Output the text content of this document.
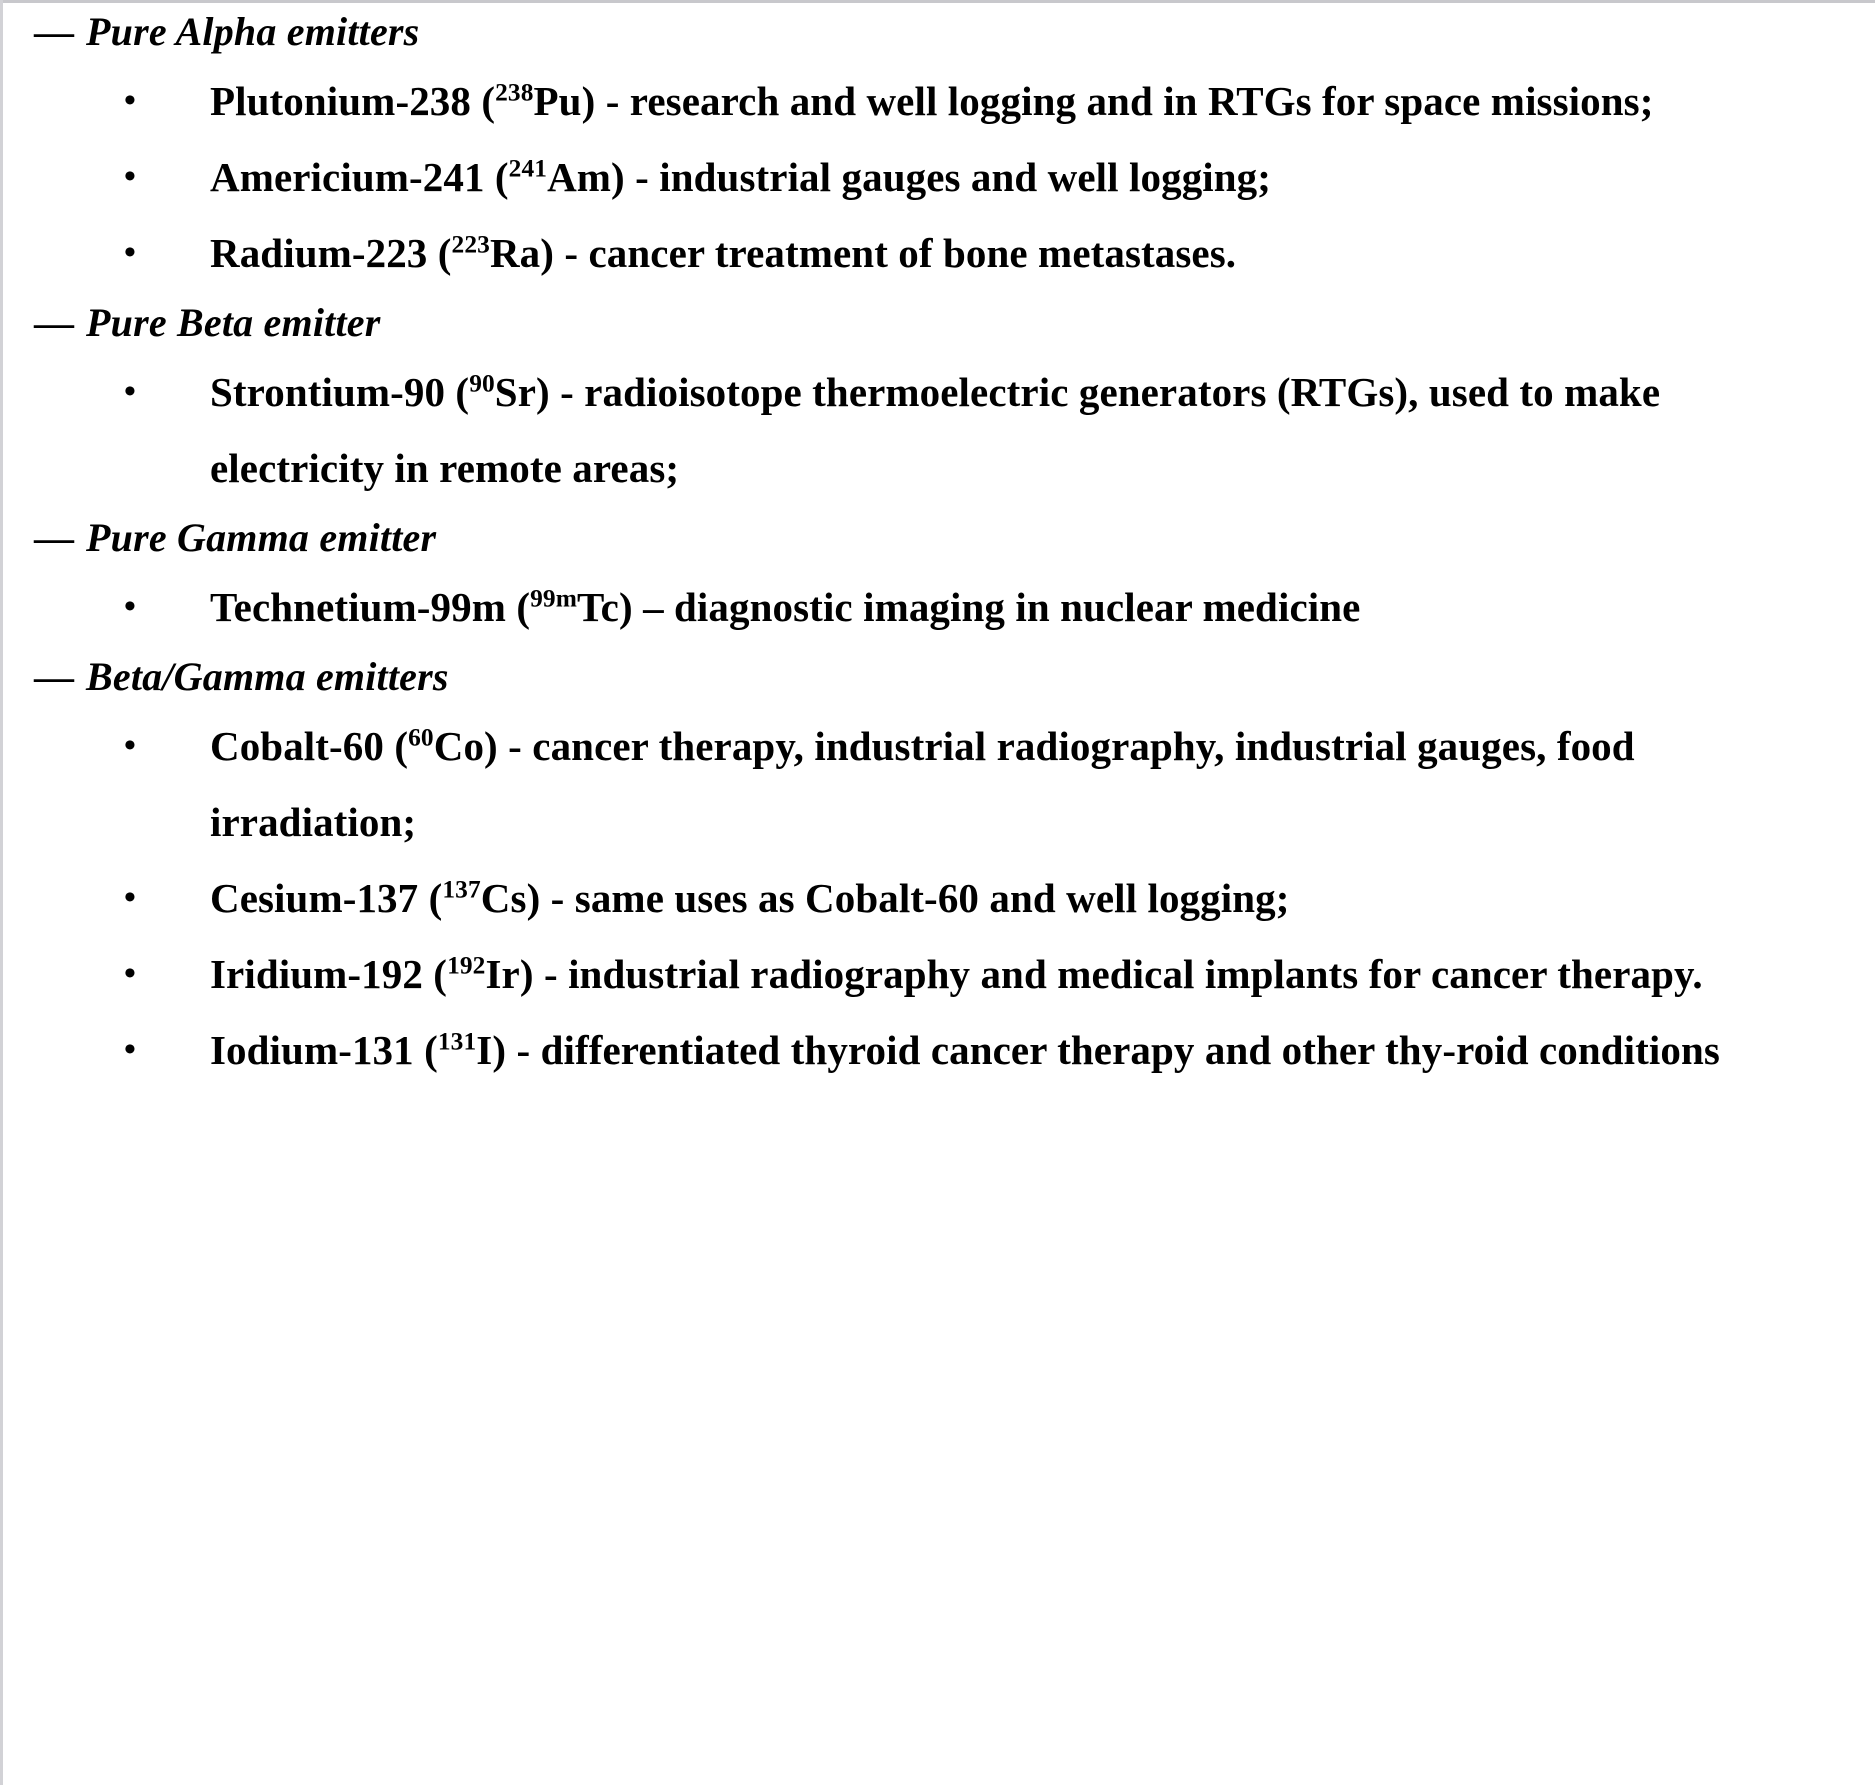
— Pure Alpha emitters
•	Plutonium-238 ($^{238}$Pu) - research and well logging and in RTGs for space missions;
•	Americium-241 ($^{241}$Am) - industrial gauges and well logging;
•	Radium-223 ($^{223}$Ra) - cancer treatment of bone metastases.
— Pure Beta emitter
•	Strontium-90 ($^{90}$Sr) - radioisotope thermoelectric generators (RTGs), used to make electricity in remote areas;
— Pure Gamma emitter
•	Technetium-99m ($^{99m}$Tc) – diagnostic imaging in nuclear medicine
— Beta/Gamma emitters
•	Cobalt-60 ($^{60}$Co) - cancer therapy, industrial radiography, industrial gauges, food irradiation;
•	Cesium-137 ($^{137}$Cs) - same uses as Cobalt-60 and well logging;
•	Iridium-192 ($^{192}$Ir) - industrial radiography and medical implants for cancer therapy.
•	Iodium-131 ($^{131}$I) - differentiated thyroid cancer therapy and other thy-roid conditions
